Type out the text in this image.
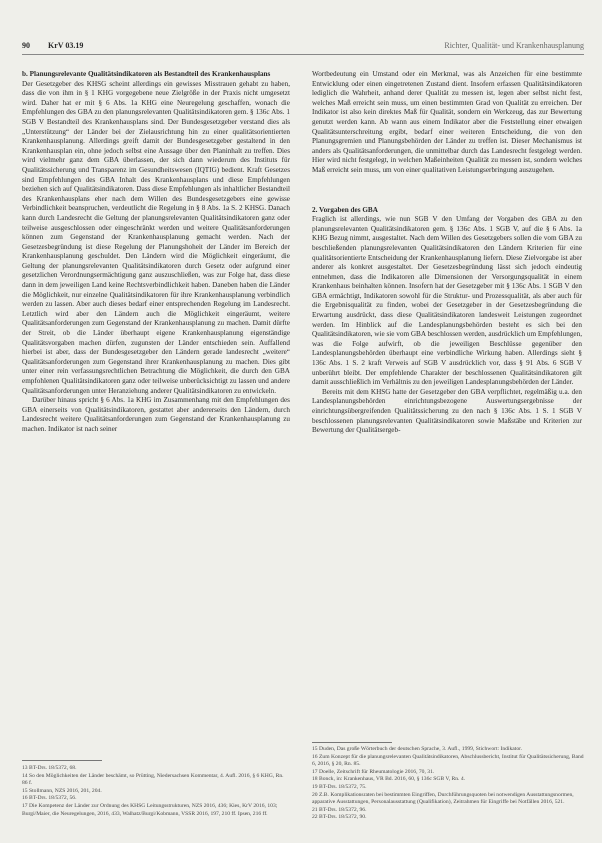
90 KrV 03.19	Richter, Qualität- und Krankenhausplanung

b. Planungsrelevante Qualitätsindikatoren als Bestandteil des Krankenhausplans

Der Gesetzgeber des KHSG scheint allerdings ein gewisses Misstrauen gehabt zu haben, dass die von ihm in § 1 KHG vorgegebene neue Zielgröße in der Praxis nicht umgesetzt wird. Daher hat er mit § 6 Abs. 1a KHG eine Neuregelung geschaffen, wonach die Empfehlungen des GBA zu den planungsrelevanten Qualitätsindikatoren gem. § 136c Abs. 1 SGB V Bestandteil des Krankenhausplans sind. Der Bundesgesetzgeber verstand dies als „Unterstützung“ der Länder bei der Zielausrichtung hin zu einer qualitätsorientierten Krankenhausplanung. Allerdings greift damit der Bundesgesetzgeber gestaltend in den Krankenhausplan ein, ohne jedoch selbst eine Aussage über den Planinhalt zu treffen. Dies wird vielmehr ganz dem GBA überlassen, der sich dann wiederum des Instituts für Qualitätssicherung und Transparenz im Gesundheitswesen (IQTIG) bedient. Kraft Gesetzes sind Empfehlungen des GBA Inhalt des Krankenhausplans und diese Empfehlungen beziehen sich auf Qualitätsindikatoren. Dass diese Empfehlungen als inhaltlicher Bestandteil des Krankenhausplans eher nach dem Willen des Bundesgesetzgebers eine gewisse Verbindlichkeit beanspruchen, verdeutlicht die Regelung in § 8 Abs. 1a S. 2 KHSG. Danach kann durch Landesrecht die Geltung der planungsrelevanten Qualitätsindikatoren ganz oder teilweise ausgeschlossen oder eingeschränkt werden und weitere Qualitätsanforderungen können zum Gegenstand der Krankenhausplanung gemacht werden. Nach der Gesetzesbegründung ist diese Regelung der Planungshoheit der Länder im Bereich der Krankenhausplanung geschuldet. Den Ländern wird die Möglichkeit eingeräumt, die Geltung der planungsrelevanten Qualitätsindikatoren durch Gesetz oder aufgrund einer gesetzlichen Verordnungsermächtigung ganz auszuschließen, was zur Folge hat, dass diese dann in dem jeweiligen Land keine Rechtsverbindlichkeit haben. Daneben haben die Länder die Möglichkeit, nur einzelne Qualitätsindikatoren für ihre Krankenhausplanung verbindlich werden zu lassen. Aber auch dieses bedarf einer entsprechenden Regelung im Landesrecht. Letztlich wird aber den Ländern auch die Möglichkeit eingeräumt, weitere Qualitätsanforderungen zum Gegenstand der Krankenhausplanung zu machen. Damit dürfte der Streit, ob die Länder überhaupt eigene Krankenhausplanung eigenständige Qualitätsvorgaben machen dürfen, zugunsten der Länder entschieden sein. Auffallend hierbei ist aber, dass der Bundesgesetzgeber den Ländern gerade landesrecht „weitere“ Qualitätsanforderungen zum Gegenstand ihrer Krankenhausplanung zu machen. Dies gibt unter einer rein verfassungsrechtlichen Betrachtung die Möglichkeit, die durch den GBA empfohlenen Qualitätsindikatoren ganz oder teilweise unberücksichtigt zu lassen und andere Qualitätsanforderungen unter Heranziehung anderer Qualitätsindikatoren zu entwickeln.

Darüber hinaus spricht § 6 Abs. 1a KHG im Zusammenhang mit den Empfehlungen des GBA einerseits von Qualitätsindikatoren, gestattet aber andererseits den Ländern, durch Landesrecht weitere Qualitätsanforderungen zum Gegenstand der Krankenhausplanung zu machen. Indikator ist nach seiner

Wortbedeutung ein Umstand oder ein Merkmal, was als Anzeichen für eine bestimmte Entwicklung oder einen eingetretenen Zustand dient. Insofern erfassen Qualitätsindikatoren lediglich die Wahrheit, anhand derer Qualität zu messen ist, legen aber selbst nicht fest, welches Maß erreicht sein muss, um einen bestimmten Grad von Qualität zu erreichen. Der Indikator ist also kein direktes Maß für Qualität, sondern ein Werkzeug, das zur Bewertung genutzt werden kann. Ab wann aus einem Indikator aber die Feststellung einer etwaigen Qualitätsunterschreitung ergibt, bedarf einer weiteren Entscheidung, die von den Planungsgremien und Planungsbehörden der Länder zu treffen ist. Dieser Mechanismus ist anders als Qualitätsanforderungen, die unmittelbar durch das Landesrecht festgelegt werden. Hier wird nicht festgelegt, in welchen Maßeinheiten Qualität zu messen ist, sondern welches Maß erreicht sein muss, um von einer qualitativen Leistungserbringung auszugehen.

2. Vorgaben des GBA

Fraglich ist allerdings, wie nun SGB V den Umfang der Vorgaben des GBA zu den planungsrelevanten Qualitätsindikatoren gem. § 136c Abs. 1 SGB V, auf die § 6 Abs. 1a KHG Bezug nimmt, ausgestaltet. Nach dem Willen des Gesetzgebers sollen die vom GBA zu beschließenden planungsrelevanten Qualitätsindikatoren den Ländern Kriterien für eine qualitätsorientierte Entscheidung der Krankenhausplanung liefern. Diese Zielvorgabe ist aber anderer als konkret ausgestaltet. Der Gesetzesbegründung lässt sich jedoch eindeutig entnehmen, dass die Indikatoren alle Dimensionen der Versorgungsqualität in einem Krankenhaus beinhalten können. Insofern hat der Gesetzgeber mit § 136c Abs. 1 SGB V den GBA ermächtigt, Indikatoren sowohl für die Struktur- und Prozessqualität, als aber auch für die Ergebnisqualität zu finden, wobei der Gesetzgeber in der Gesetzesbegründung die Erwartung ausdrückt, dass diese Qualitätsindikatoren landesweit Leistungen zugeordnet werden. Im Hinblick auf die Landesplanungsbehörden besteht es sich bei den Qualitätsindikatoren, wie sie vom GBA beschlossen werden, ausdrücklich um Empfehlungen, was die Folge aufwirft, ob die jeweiligen Beschlüsse gegenüber den Landesplanungsbehörden überhaupt eine verbindliche Wirkung haben. Allerdings sieht § 136c Abs. 1 S. 2 kraft Verweis auf SGB V ausdrücklich vor, dass § 91 Abs. 6 SGB V unberührt bleibt. Der empfehlende Charakter der beschlossenen Qualitätsindikatoren gilt damit ausschließlich im Verhältnis zu den jeweiligen Landesplanungsbehörden der Länder.

Bereits mit dem KHSG hatte der Gesetzgeber den GBA verpflichtet, regelmäßig u.a. den Landesplanungsbehörden einrichtungsbezogene Auswertungsergebnisse der einrichtungsübergreifenden Qualitätssicherung zu den nach § 136c Abs. 1 S. 1 SGB V beschlossenen planungsrelevanten Qualitätsindikatoren sowie Maßstäbe und Kriterien zur Bewertung der Qualitätsergeb-

13 BT-Drs. 18/5372, 68.
14 So den Möglichkeiten der Länder beschämt, so Prütting, Niedersachsen Kommentar, 4. Aufl. 2016, § 6 KHG, Rn. 86 f.
15 Stollmann, NZS 2016, 201, 204.
16 BT-Drs. 18/5372, 56.
17 Die Kompetenz der Länder zur Ordnung des KHSG Leitungsstrukturen, NZS 2016, 436; Kies, KrV 2016, 103; Burgi/Maier, die Neuregelungen, 2016, 433, Walhatz/Burgi/Kobmann, VSSR 2016, 197, 210 ff. Ipsen, 216 ff.
15 Duden, Das große Wörterbuch der deutschen Sprache, 3. Aufl., 1999, Stichwort: Indikator.
16 Zum Konzept für die planungsrelevanten Qualitätsindikatoren, Abschlussbericht, Institut für Qualitätssicherung, Band 6, 2016, § 20, Rn. 85.
17 Doelle, Zeitschrift für Rheumatologie 2016, 70, 31.
18 Bonck, in: Krankenhaus, VR Bd. 2016, 60, § 136c SGB V, Rn. 4.
19 BT-Drs. 18/5372, 75.
20 Z.B. Komplikationsraten bei bestimmten Eingriffen, Durchführungsquoten bei notwendigen Ausstattungsnormen, apparative Ausstattungen, Personalausstattung (Qualifikation), Zeitrahmen für Eingriffe bei Notfällen 2016, 521.
21 BT-Drs. 18/5372, 96.
22 BT-Drs. 18/5372, 90.
